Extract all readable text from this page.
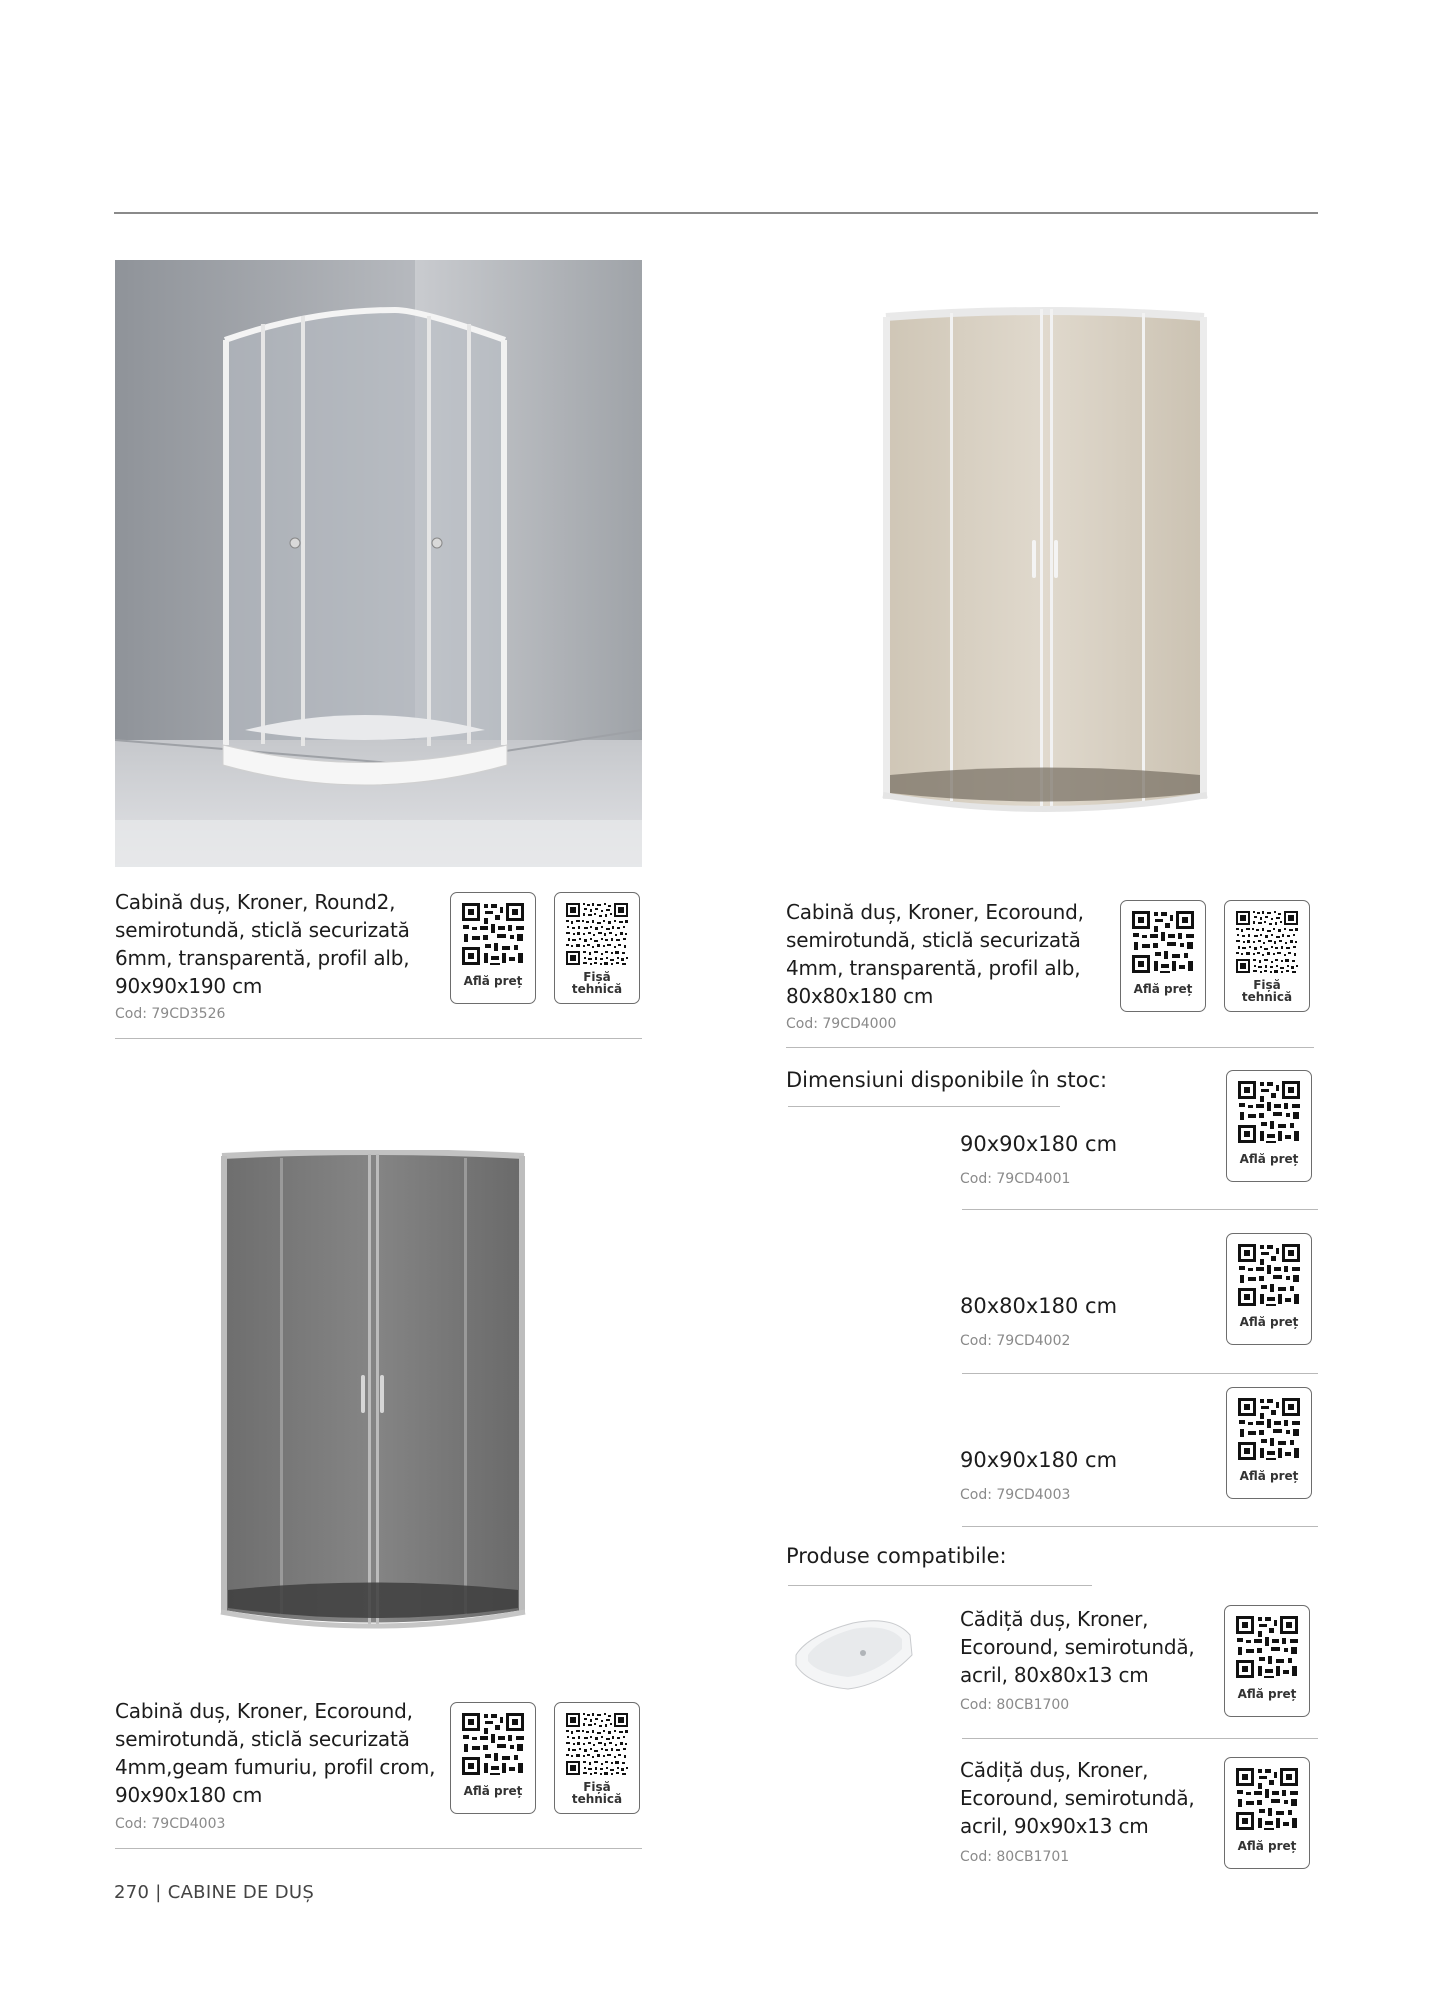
Cabină duș, Kroner, Round2,
semirotundă, sticlă securizată
6mm, transparentă, profil alb,
90x90x190 cm
Cod: 79CD3526
Află preț	Fișă
tehnică
Cabină duș, Kroner, Ecoround,
semirotundă, sticlă securizată
4mm, transparentă, profil alb,
80x80x180 cm
Cod: 79CD4000
Află preț	Fișă
tehnică
Dimensiuni disponibile în stoc:
90x90x180 cm
Cod: 79CD4001
Află preț
80x80x180 cm
Cod: 79CD4002
Află preț
90x90x180 cm
Cod: 79CD4003
Află preț
Produse compatibile:
Cădiță duș, Kroner,
Ecoround, semirotundă,
acril, 80x80x13 cm
Cod: 80CB1700
Află preț
Cădiță duș, Kroner,
Ecoround, semirotundă,
acril, 90x90x13 cm
Cod: 80CB1701
Află preț
Cabină duș, Kroner, Ecoround,
semirotundă, sticlă securizată
4mm,geam fumuriu, profil crom,
90x90x180 cm
Cod: 79CD4003
Află preț	Fișă
tehnică
270 | CABINE DE DUȘ
